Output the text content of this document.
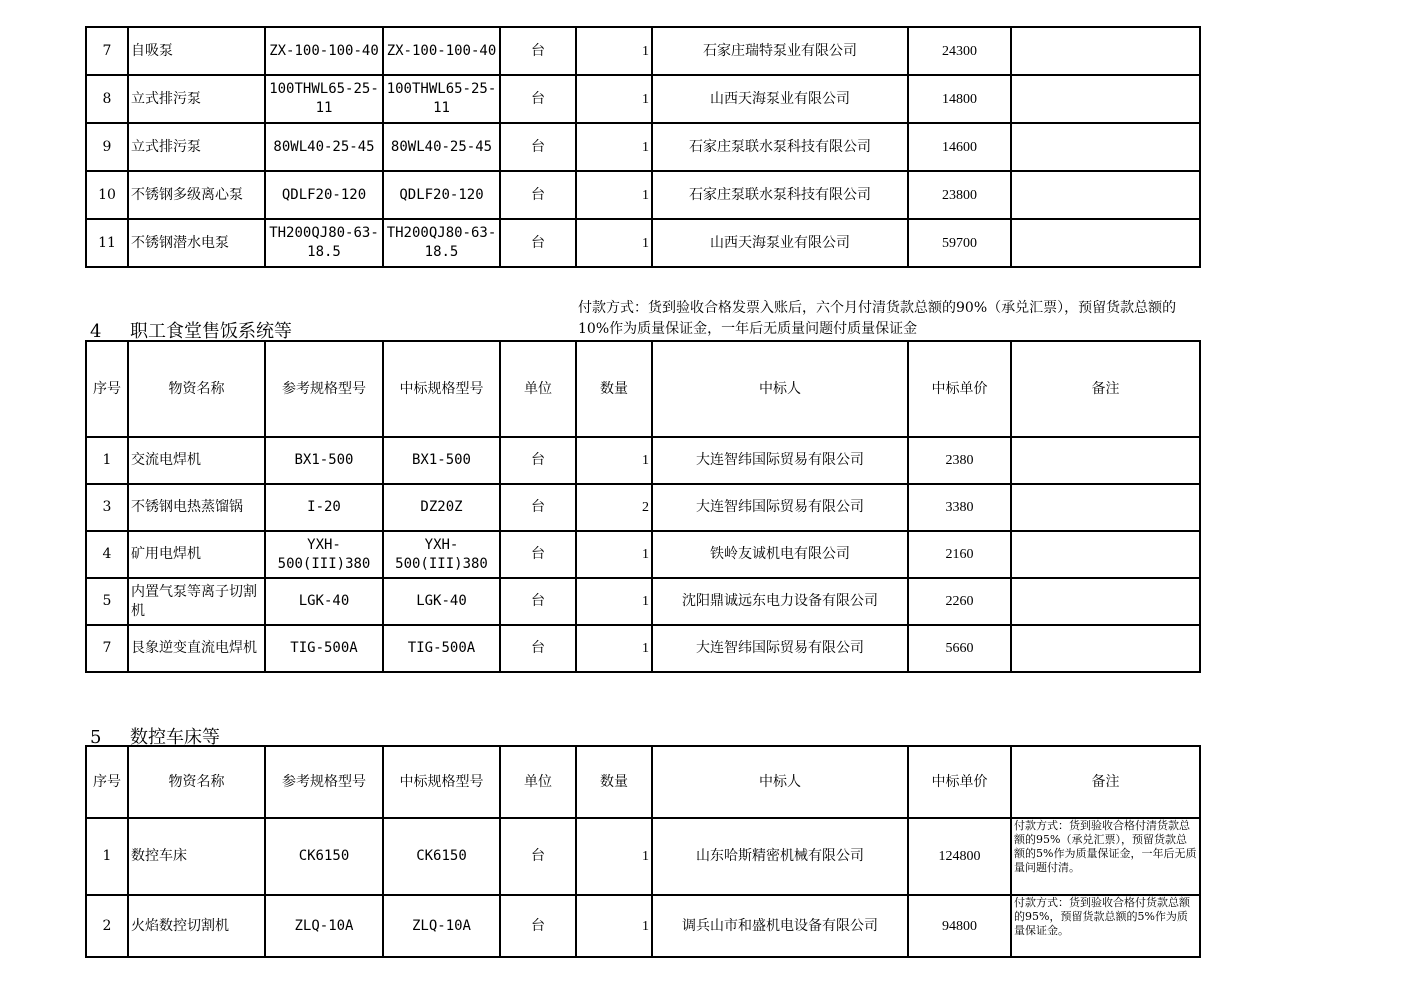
7	自吸泵	ZX-100-100-40	ZX-100-100-40	台	1	石家庄瑞特泵业有限公司	24300	
8	立式排污泵	100THWL65-25-11	100THWL65-25-11	台	1	山西天海泵业有限公司	14800	
9	立式排污泵	80WL40-25-45	80WL40-25-45	台	1	石家庄泵联水泵科技有限公司	14600	
10	不锈钢多级离心泵	QDLF20-120	QDLF20-120	台	1	石家庄泵联水泵科技有限公司	23800	
11	不锈钢潜水电泵	TH200QJ80-63-18.5	TH200QJ80-63-18.5	台	1	山西天海泵业有限公司	59700	
4 职工食堂售饭系统等
付款方式：货到验收合格发票入账后，六个月付清货款总额的90%（承兑汇票），预留货款总额的10%作为质量保证金，一年后无质量问题付质量保证金
序号	物资名称	参考规格型号	中标规格型号	单位	数量	中标人	中标单价	备注
1	交流电焊机	BX1-500	BX1-500	台	1	大连智纬国际贸易有限公司	2380	
3	不锈钢电热蒸馏锅	I-20	DZ20Z	台	2	大连智纬国际贸易有限公司	3380	
4	矿用电焊机	YXH-500(III)380	YXH-500(III)380	台	1	铁岭友诚机电有限公司	2160	
5	内置气泵等离子切割机	LGK-40	LGK-40	台	1	沈阳鼎诚远东电力设备有限公司	2260	
7	艮象逆变直流电焊机	TIG-500A	TIG-500A	台	1	大连智纬国际贸易有限公司	5660	
5 数控车床等
序号	物资名称	参考规格型号	中标规格型号	单位	数量	中标人	中标单价	备注
1	数控车床	CK6150	CK6150	台	1	山东哈斯精密机械有限公司	124800	付款方式：货到验收合格付清货款总额的95%（承兑汇票），预留货款总额的5%作为质量保证金，一年后无质量问题付清。

2	火焰数控切割机	ZLQ-10A	ZLQ-10A	台	1	调兵山市和盛机电设备有限公司	94800	付款方式：货到验收合格付货款总额的95%，预留货款总额的5%作为质量保证金。
